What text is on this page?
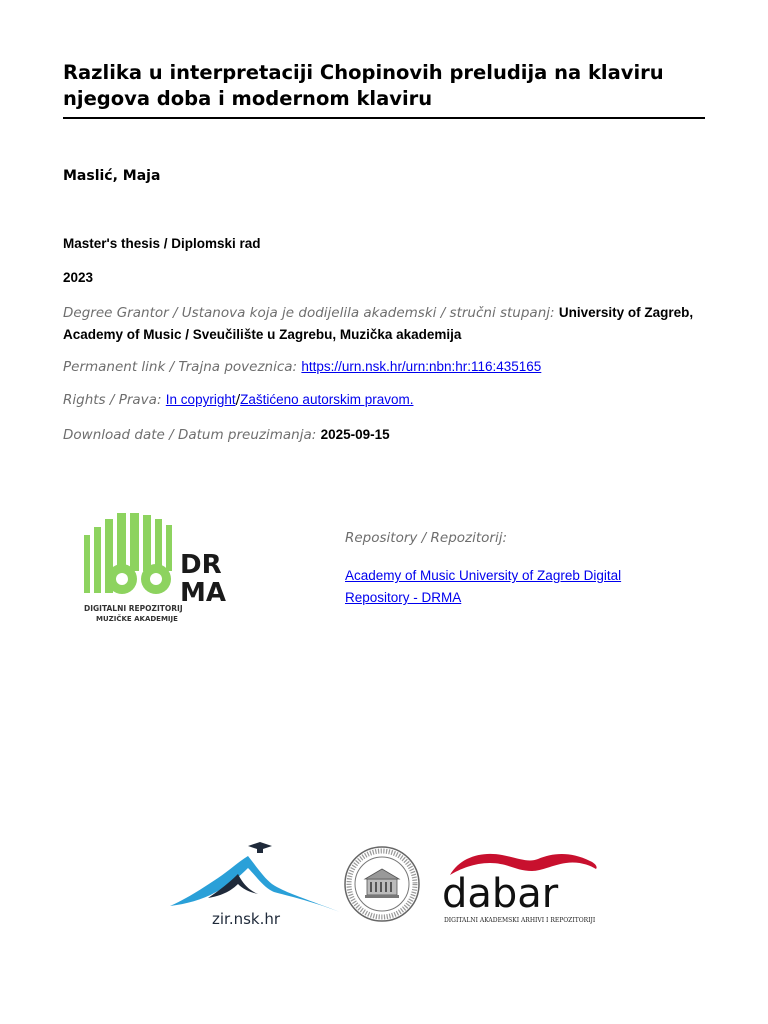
Razlika u interpretaciji Chopinovih preludija na klaviru njegova doba i modernom klaviru
Maslić, Maja
Master's thesis / Diplomski rad
2023
Degree Grantor / Ustanova koja je dodijelila akademski / stručni stupanj: University of Zagreb, Academy of Music / Sveučilište u Zagrebu, Muzička akademija
Permanent link / Trajna poveznica: https://urn.nsk.hr/urn:nbn:hr:116:435165
Rights / Prava: In copyright/Zaštićeno autorskim pravom.
Download date / Datum preuzimanja: 2025-09-15
DR
MA
DIGITALNI REPOZITORIJ
MUZIČKE AKADEMIJE
Repository / Repozitorij:
Academy of Music University of Zagreb Digital Repository - DRMA
zir.nsk.hr
dabar
DIGITALNI AKADEMSKI ARHIVI I REPOZITORIJI
